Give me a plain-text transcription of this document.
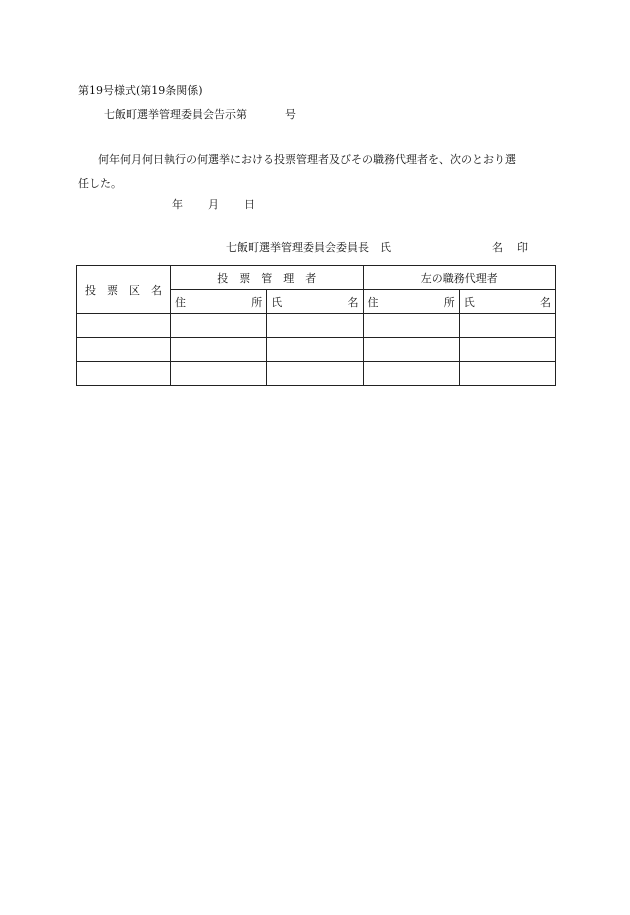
第19号様式(第19条関係)
七飯町選挙管理委員会告示第	号
何年何月何日執行の何選挙における投票管理者及びその職務代理者を、次のとおり選
任した。
年 月 日
七飯町選挙管理委員会委員長　氏	名 印
投 票 区 名	投　票　管　理　者		左の職務代理者	

	住 所	氏 名	住 所	氏 名
